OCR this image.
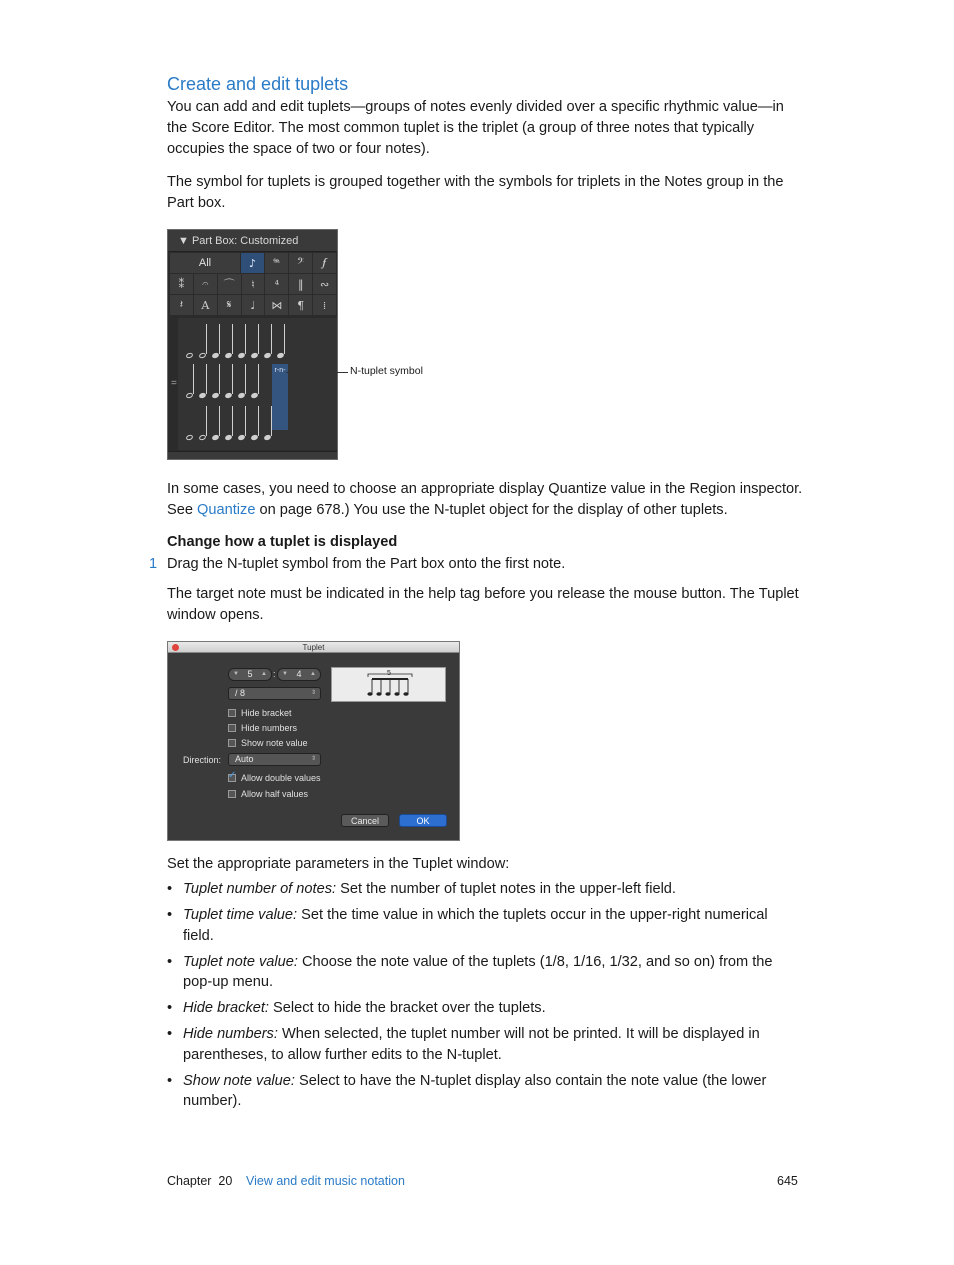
Create and edit tuplets

You can add and edit tuplets—groups of notes evenly divided over a specific rhythmic value—in the Score Editor. The most common tuplet is the triplet (a group of three notes that typically occupies the space of two or four notes).

The symbol for tuplets is grouped together with the symbols for triplets in the Notes group in the Part box.

▼ Part Box: Customized
All	♪	𝆮	𝄢	𝆑
⁑	𝄐	⌒	♮	⁴	‖	∾
𝄽	A	𝄋	♩	⋈	¶	⁞
r-n-
=
N-tuplet symbol

In some cases, you need to choose an appropriate display Quantize value in the Region inspector. See Quantize on page 678.) You use the N-tuplet object for the display of other tuplets.

Change how a tuplet is displayed
1 Drag the N-tuplet symbol from the Part box onto the first note.

The target note must be indicated in the help tag before you release the mouse button. The Tuplet window opens.

Tuplet
▼ 5	▲ : ▼ 4	▲
/ 8	⇕
5
Hide bracket
Hide numbers
Show note value
Direction:	Auto	⇕
✓Allow double values
Allow half values
Cancel	OK

Set the appropriate parameters in the Tuplet window:

• Tuplet number of notes: Set the number of tuplet notes in the upper-left field.
• Tuplet time value: Set the time value in which the tuplets occur in the upper-right numerical field.
• Tuplet note value: Choose the note value of the tuplets (1/8, 1/16, 1/32, and so on) from the pop-up menu.
• Hide bracket: Select to hide the bracket over the tuplets.
• Hide numbers: When selected, the tuplet number will not be printed. It will be displayed in parentheses, to allow further edits to the N-tuplet.
• Show note value: Select to have the N-tuplet display also contain the note value (the lower number).
Chapter  20 View and edit music notation	645
